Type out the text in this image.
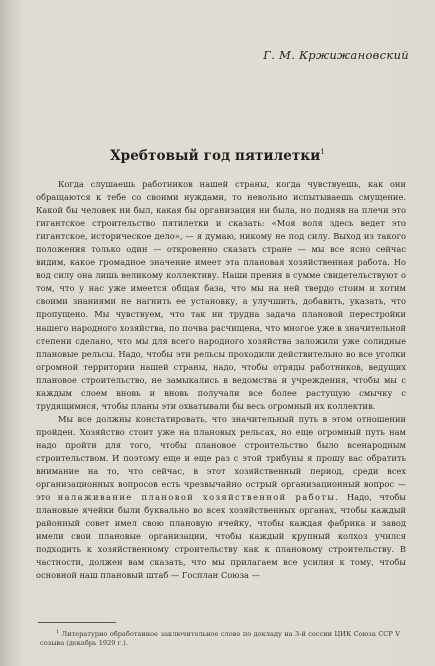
Г. М. Кржижановский
Хребтовый год пятилетки$^1$

Когда слушаешь работников нашей страны, когда чувствуешь, как они обращаются к тебе со своими нуждами, то невольно испытываешь смущение. Какой бы человек ни был, какая бы организация ни была, но подняв на плечи это гигантское строительство пятилетки и сказать: «Моя воля здесь ведет это гигантское, историческое дело», — я думаю, никому не под силу. Выход из такого положения только один — откровенно сказать стране — мы все ясно сейчас видим, какое громадное значение имеет эта плановая хозяйственная работа. Но вод силу она лишь великому коллективу. Наши прения в сумме свидетельствуют о том, что у нас уже имеется общая база, что мы на ней твердо стоим и хотим своими знаниями не нагнить ее установку, а улучшить, добавить, указать, что пропущено. Мы чувствуем, что так ни трудна задача плановой перестройки нашего народного хозяйства, по почва расчищена, что многое уже в значительной степени сделано, что мы для всего народного хозяйства заложили уже солидные плановые рельсы. Надо, чтобы эти рельсы проходили действительно во все уголки огромной территории нашей страны, надо, чтобы отряды работников, ведущих плановое строительство, не замыкались в ведомства и учреждения, чтобы мы с каждым слоем вновь и вновь получали все более растущую смычку с трудящимися, чтобы планы эти охватывали бы весь огромный их коллектив.

Мы все должны констатировать, что значительный путь в этом отношении пройден. Хозяйство стоит уже на плановых рельсах, но еще огромный путь нам надо пройти для того, чтобы плановое строительство было всенародным строительством. И поэтому еще и еще раз с этой трибуны я прошу вас обратить внимание на то, что сейчас, в этот хозяйственный период, среди всех организационных вопросов есть чрезвычайно острый организационный вопрос — это налаживание плановой хозяйственной работы. Надо, чтобы плановые ячейки были буквально во всех хозяйственных органах, чтобы каждый районный совет имел свою плановую ячейку, чтобы каждая фабрика и завод имели свои плановые организации, чтобы каждый крупный колхоз учился подходить к хозяйственному строительству как к плановому строительству. В частности, должен вам сказать, что мы прилагаем все усилия к тому, чтобы основной наш плановый штаб — Госплан Союза —

$^1$ Литературно обработанное заключительное слово по докладу на 3-й сессии ЦИК Союза ССР V созыва (декабрь 1929 г.).
